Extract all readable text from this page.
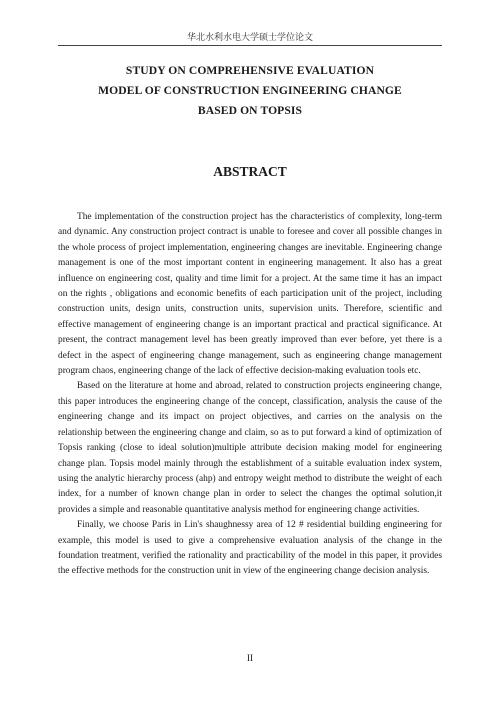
华北水利水电大学硕士学位论文
STUDY ON COMPREHENSIVE EVALUATION
MODEL OF CONSTRUCTION ENGINEERING CHANGE
BASED ON TOPSIS
ABSTRACT

The implementation of the construction project has the characteristics of complexity, long-term and dynamic. Any construction project contract is unable to foresee and cover all possible changes in the whole process of project implementation, engineering changes are inevitable. Engineering change management is one of the most important content in engineering management. It also has a great influence on engineering cost, quality and time limit for a project. At the same time it has an impact on the rights , obligations and economic benefits of each participation unit of the project, including construction units, design units, construction units, supervision units. Therefore, scientific and effective management of engineering change is an important practical and practical significance. At present, the contract management level has been greatly improved than ever before, yet there is a defect in the aspect of engineering change management, such as engineering change management program chaos, engineering change of the lack of effective decision-making evaluation tools etc.

Based on the literature at home and abroad, related to construction projects engineering change, this paper introduces the engineering change of the concept, classification, analysis the cause of the engineering change and its impact on project objectives, and carries on the analysis on the relationship between the engineering change and claim, so as to put forward a kind of optimization of Topsis ranking (close to ideal solution)multiple attribute decision making model for engineering change plan. Topsis model mainly through the establishment of a suitable evaluation index system, using the analytic hierarchy process (ahp) and entropy weight method to distribute the weight of each index, for a number of known change plan in order to select the changes the optimal solution,it provides a simple and reasonable quantitative analysis method for engineering change activities.

Finally, we choose Paris in Lin's shaughnessy area of 12 # residential building engineering for example, this model is used to give a comprehensive evaluation analysis of the change in the foundation treatment, verified the rationality and practicability of the model in this paper, it provides the effective methods for the construction unit in view of the engineering change decision analysis.

II
